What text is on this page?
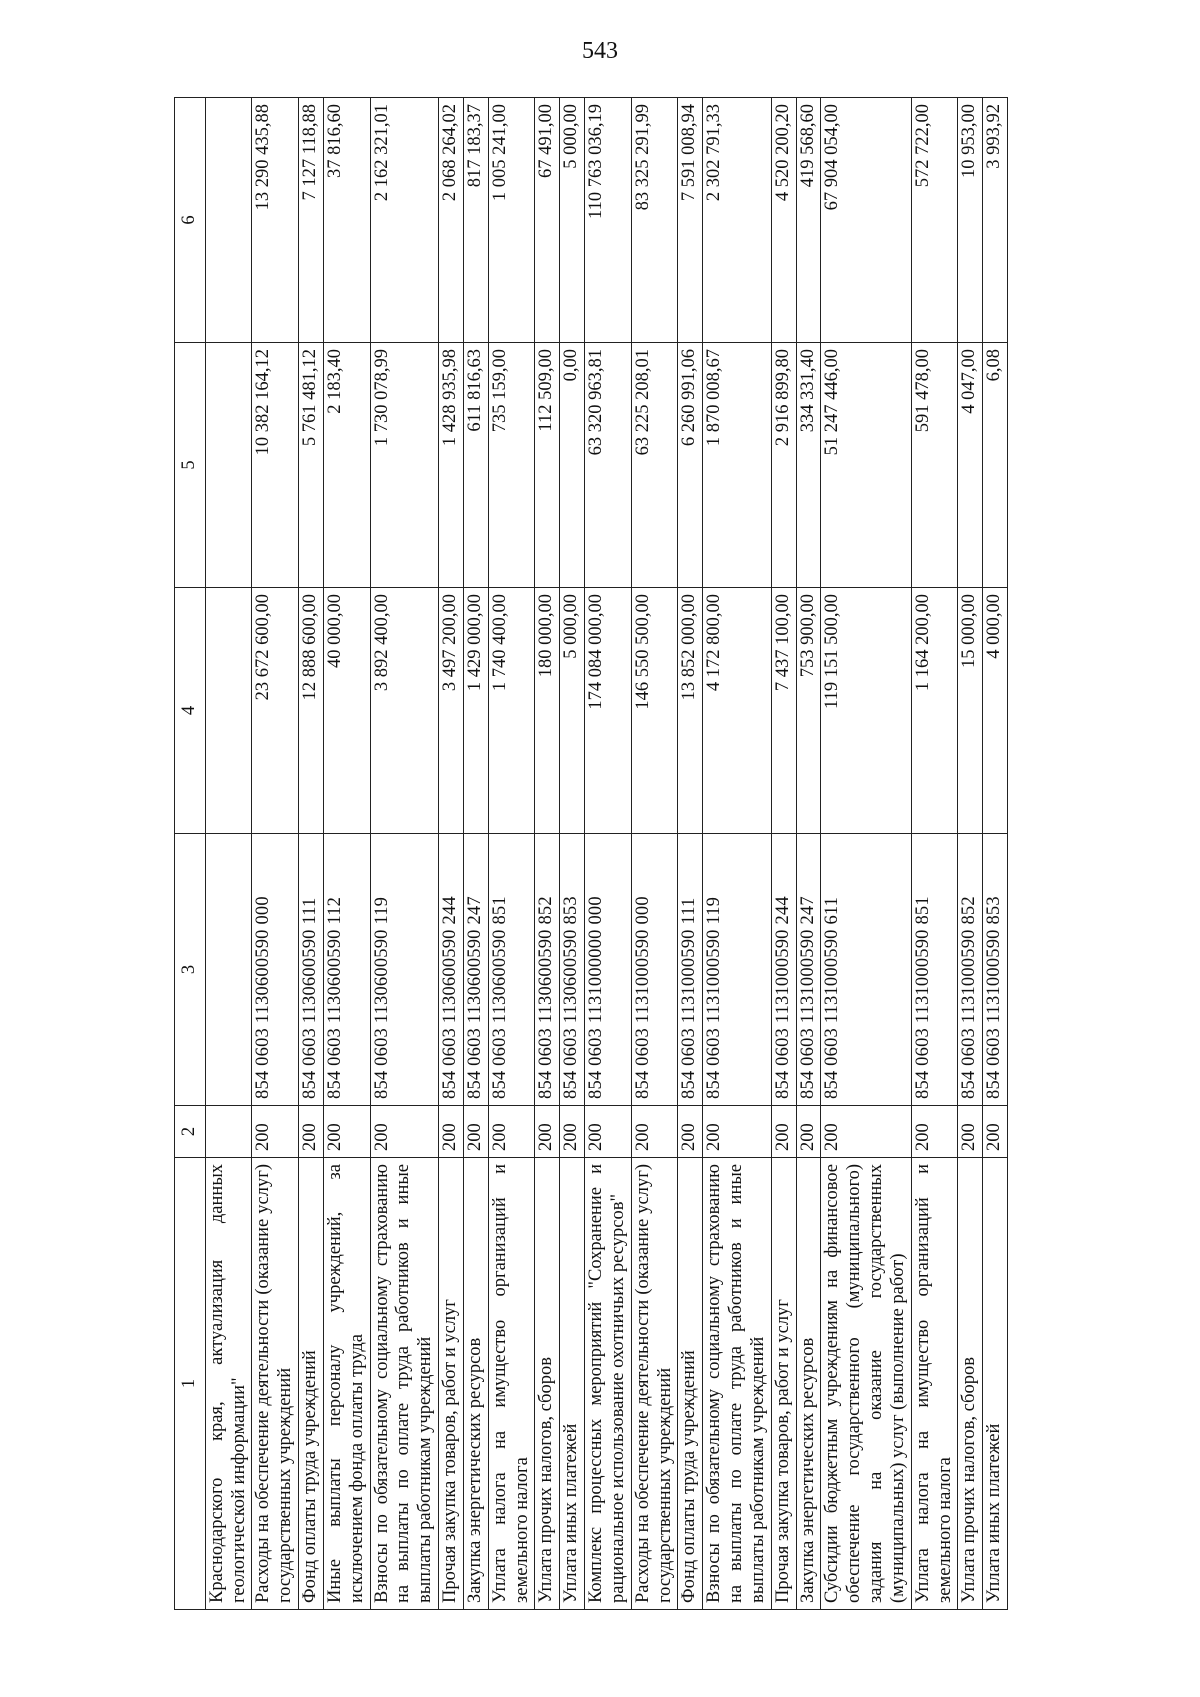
543
1	2	3	4	5	6
Краснодарского края, актуализация данных геологической информации"					
Расходы на обеспечение деятельности (оказание услуг) государственных учреждений	200	854 0603 1130600590 000	23 672 600,00	10 382 164,12	13 290 435,88
Фонд оплаты труда учреждений	200	854 0603 1130600590 111	12 888 600,00	5 761 481,12	7 127 118,88
Иные выплаты персоналу учреждений, за исключением фонда оплаты труда	200	854 0603 1130600590 112	40 000,00	2 183,40	37 816,60
Взносы по обязательному социальному страхованию на выплаты по оплате труда работников и иные выплаты работникам учреждений	200	854 0603 1130600590 119	3 892 400,00	1 730 078,99	2 162 321,01
Прочая закупка товаров, работ и услуг	200	854 0603 1130600590 244	3 497 200,00	1 428 935,98	2 068 264,02
Закупка энергетических ресурсов	200	854 0603 1130600590 247	1 429 000,00	611 816,63	817 183,37
Уплата налога на имущество организаций и земельного налога	200	854 0603 1130600590 851	1 740 400,00	735 159,00	1 005 241,00
Уплата прочих налогов, сборов	200	854 0603 1130600590 852	180 000,00	112 509,00	67 491,00
Уплата иных платежей	200	854 0603 1130600590 853	5 000,00	0,00	5 000,00
Комплекс процессных мероприятий "Сохранение и рациональное использование охотничьих ресурсов"	200	854 0603 1131000000 000	174 084 000,00	63 320 963,81	110 763 036,19
Расходы на обеспечение деятельности (оказание услуг) государственных учреждений	200	854 0603 1131000590 000	146 550 500,00	63 225 208,01	83 325 291,99
Фонд оплаты труда учреждений	200	854 0603 1131000590 111	13 852 000,00	6 260 991,06	7 591 008,94
Взносы по обязательному социальному страхованию на выплаты по оплате труда работников и иные выплаты работникам учреждений	200	854 0603 1131000590 119	4 172 800,00	1 870 008,67	2 302 791,33
Прочая закупка товаров, работ и услуг	200	854 0603 1131000590 244	7 437 100,00	2 916 899,80	4 520 200,20
Закупка энергетических ресурсов	200	854 0603 1131000590 247	753 900,00	334 331,40	419 568,60
Субсидии бюджетным учреждениям на финансовое обеспечение государственного (муниципального) задания на оказание государственных (муниципальных) услуг (выполнение работ)	200	854 0603 1131000590 611	119 151 500,00	51 247 446,00	67 904 054,00
Уплата налога на имущество организаций и земельного налога	200	854 0603 1131000590 851	1 164 200,00	591 478,00	572 722,00
Уплата прочих налогов, сборов	200	854 0603 1131000590 852	15 000,00	4 047,00	10 953,00
Уплата иных платежей	200	854 0603 1131000590 853	4 000,00	6,08	3 993,92
